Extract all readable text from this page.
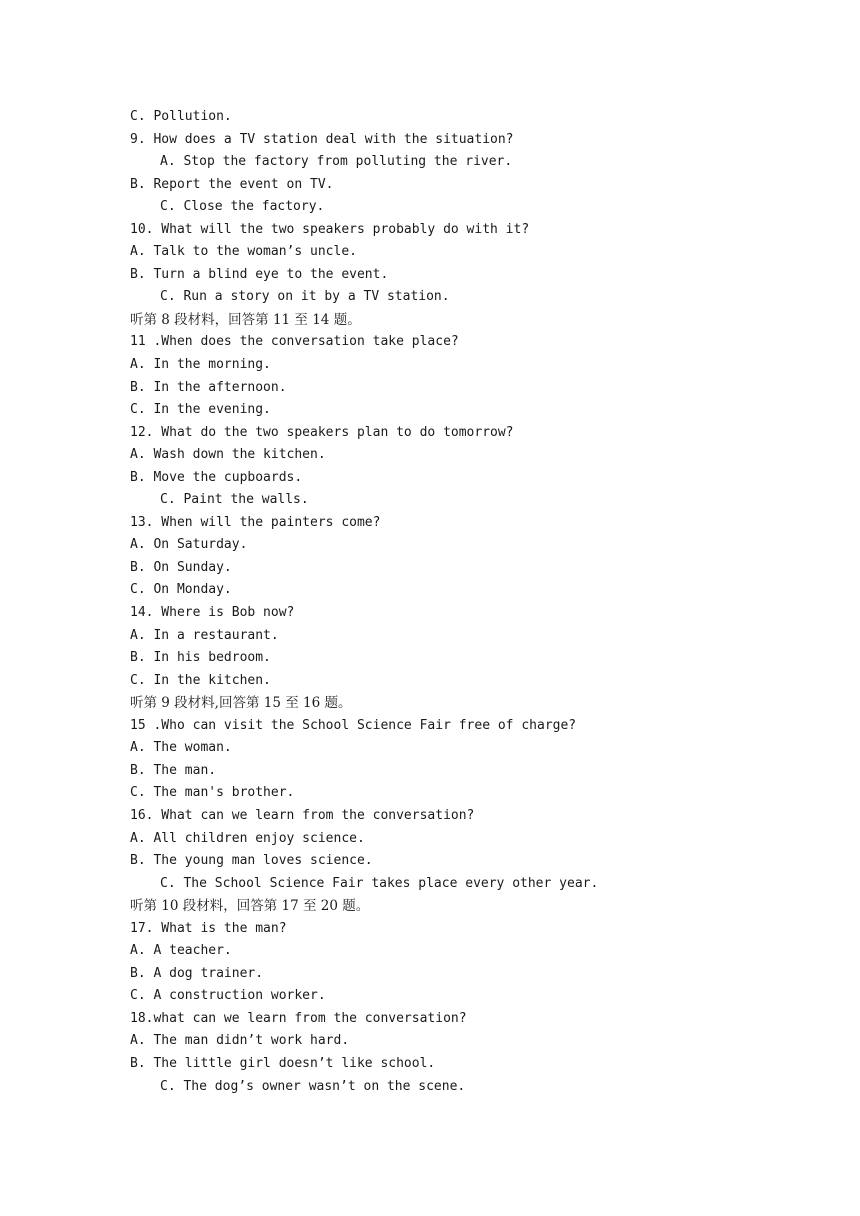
C. Pollution.
9. How does a TV station deal with the situation?
A. Stop the factory from polluting the river.
B. Report the event on TV.
C. Close the factory.
10. What will the two speakers probably do with it?
A. Talk to the woman’s uncle.
B. Turn a blind eye to the event.
C. Run a story on it by a TV station.
听第 8 段材料，回答第 11 至 14 题。
11 .When does the conversation take place?
A. In the morning.
B. In the afternoon.
C. In the evening.
12. What do the two speakers plan to do tomorrow?
A. Wash down the kitchen.
B. Move the cupboards.
C. Paint the walls.
13. When will the painters come?
A. On Saturday.
B. On Sunday.
C. On Monday.
14. Where is Bob now?
A. In a restaurant.
B. In his bedroom.
C. In the kitchen.
听第 9 段材料,回答第 15 至 16 题。
15 .Who can visit the School Science Fair free of charge?
A. The woman.
B. The man.
C. The man's brother.
16. What can we learn from the conversation?
A. All children enjoy science.
B. The young man loves science.
C. The School Science Fair takes place every other year.
听第 10 段材料，回答第 17 至 20 题。
17. What is the man?
A. A teacher.
B. A dog trainer.
C. A construction worker.
18.what can we learn from the conversation?
A. The man didn’t work hard.
B. The little girl doesn’t like school.
C. The dog’s owner wasn’t on the scene.
